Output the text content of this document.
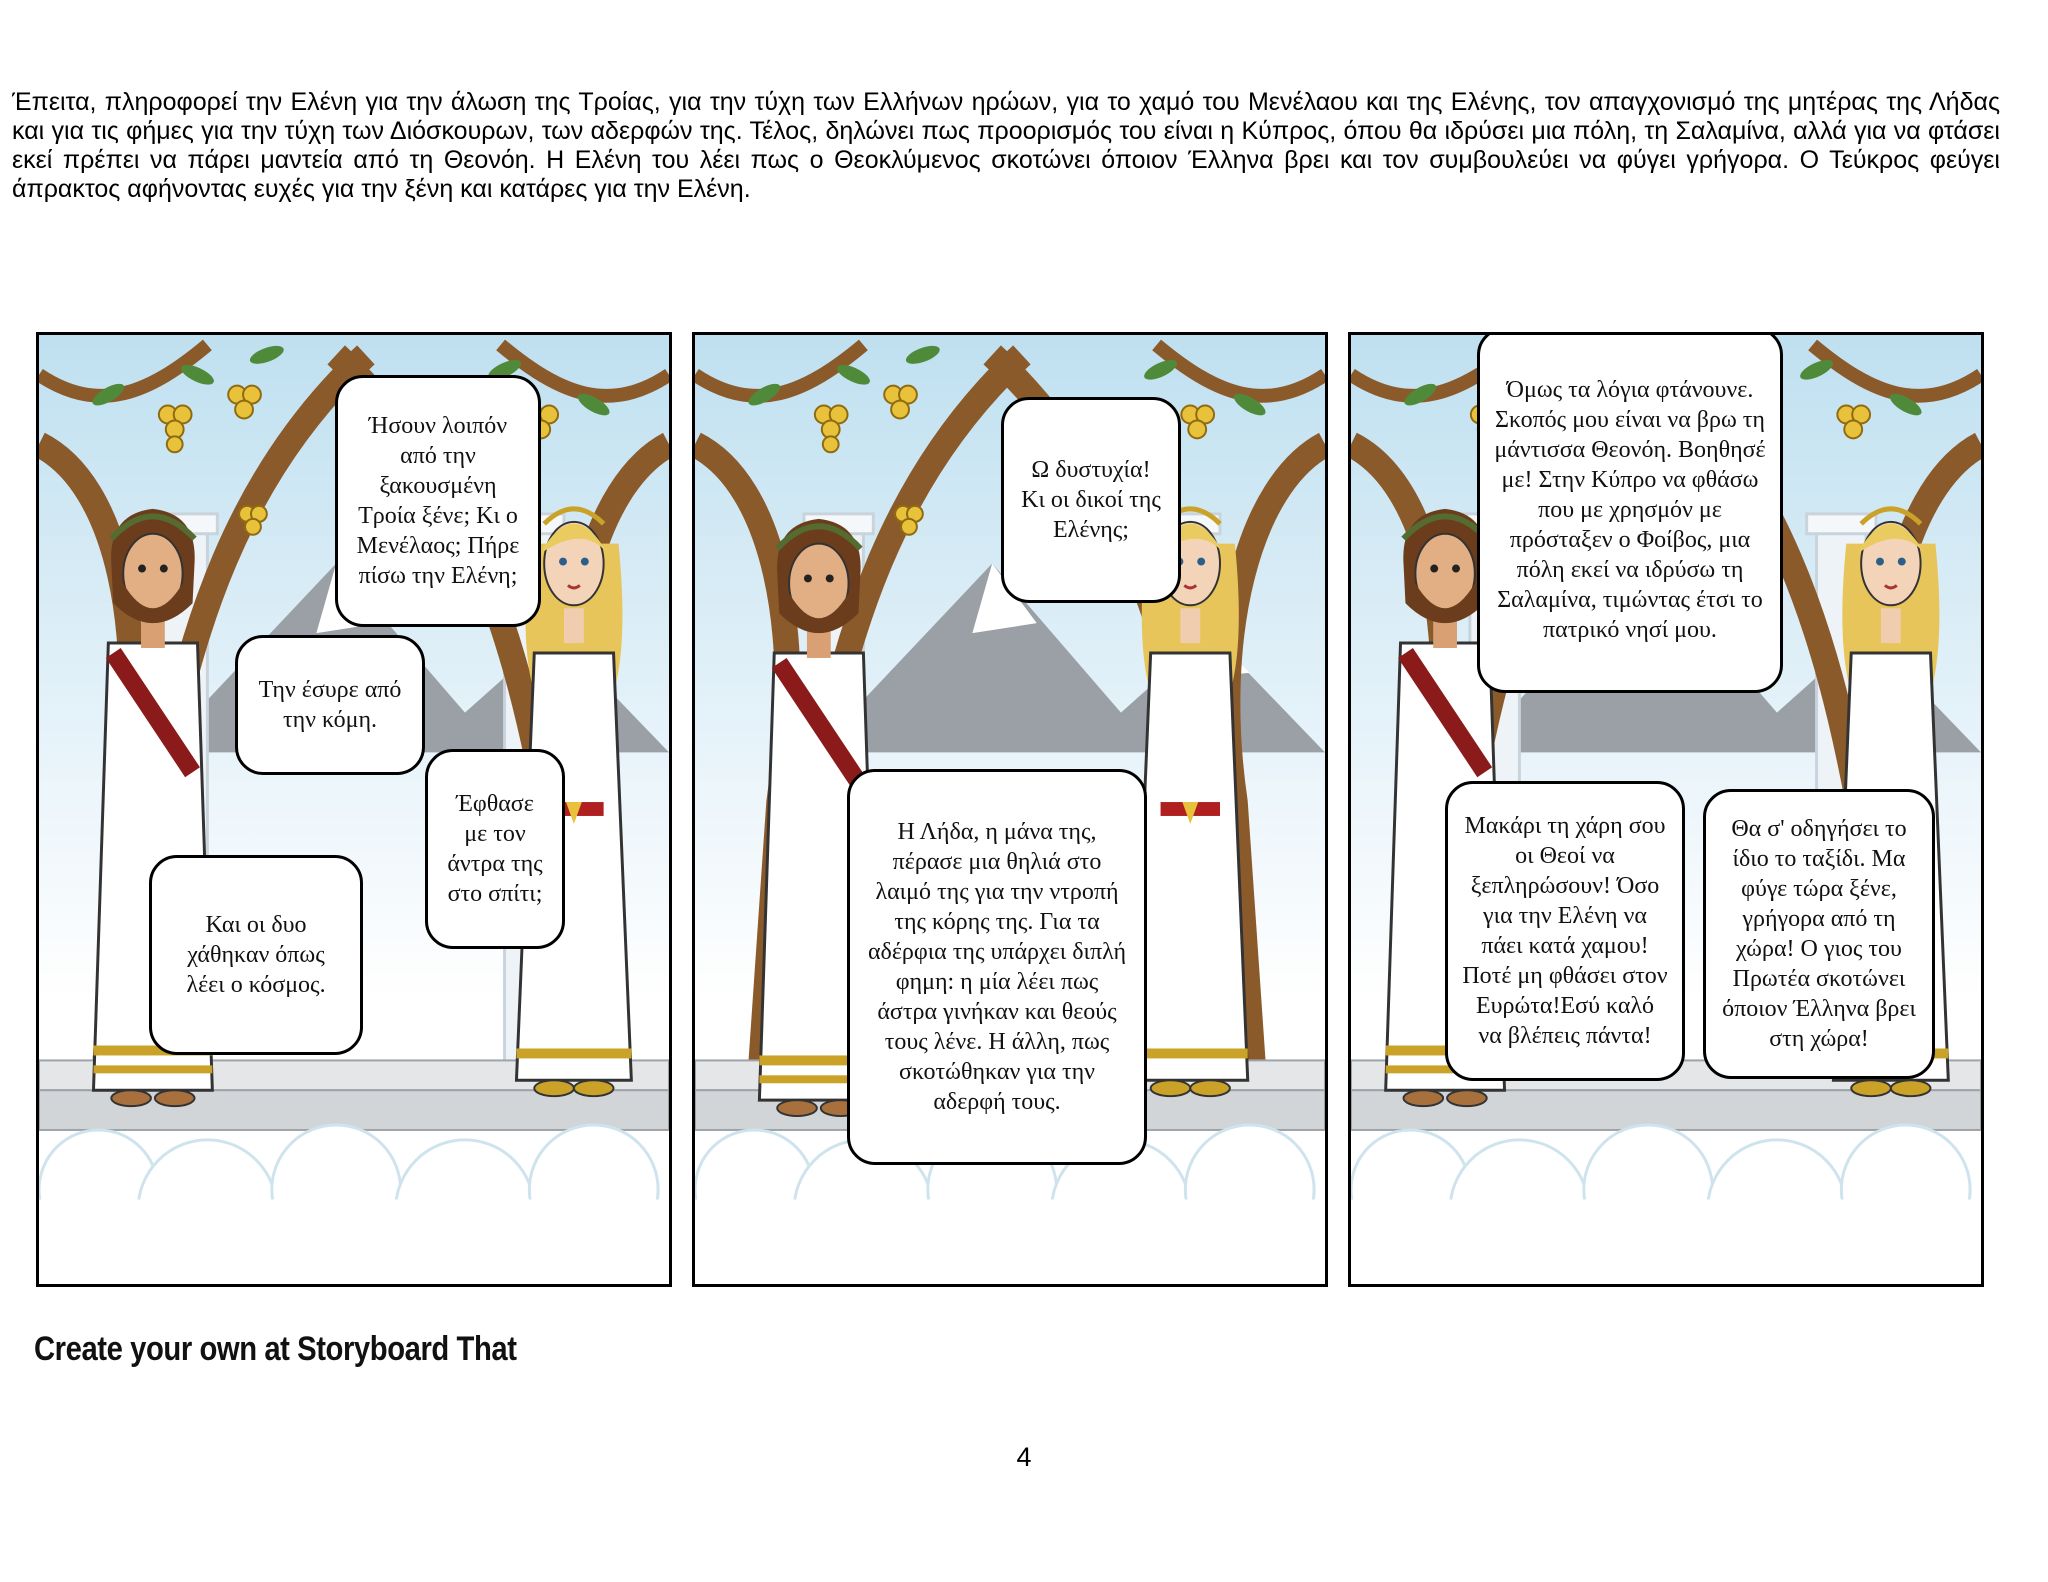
Έπειτα, πληροφορεί την Ελένη για την άλωση της Τροίας, για την τύχη των Ελλήνων ηρώων, για το χαμό του Μενέλαου και της Ελένης, τον απαγχονισμό της μητέρας της Λήδας και για τις φήμες για την τύχη των Διόσκουρων, των αδερφών της. Τέλος, δηλώνει πως προορισμός του είναι η Κύπρος, όπου θα ιδρύσει μια πόλη, τη Σαλαμίνα, αλλά για να φτάσει εκεί πρέπει να πάρει μαντεία από τη Θεονόη. Η Ελένη του λέει πως ο Θεοκλύμενος σκοτώνει όποιον Έλληνα βρει και τον συμβουλεύει να φύγει γρήγορα. Ο Τεύκρος φεύγει άπρακτος αφήνοντας ευχές για την ξένη και κατάρες για την Ελένη.

Ήσουν λοιπόν από την ξακουσμένη Τροία ξένε; Κι ο Μενέλαος; Πήρε πίσω την Ελένη;
Την έσυρε από την κόμη.
Έφθασε με τον άντρα της στο σπίτι;
Και οι δυο χάθηκαν όπως λέει ο κόσμος.
Ω δυστυχία! Κι οι δικοί της Ελένης;
Η Λήδα, η μάνα της, πέρασε μια θηλιά στο λαιμό της για την ντροπή της κόρης της. Για τα αδέρφια της υπάρχει διπλή φημη: η μία λέει πως άστρα γινήκαν και θεούς τους λένε. Η άλλη, πως σκοτώθηκαν για την αδερφή τους.
Όμως τα λόγια φτάνουνε. Σκοπός μου είναι να βρω τη μάντισσα Θεονόη. Βοηθησέ με! Στην Κύπρο να φθάσω που με χρησμόν με πρόσταξεν ο Φοίβος, μια πόλη εκεί να ιδρύσω τη Σαλαμίνα, τιμώντας έτσι το πατρικό νησί μου.
Μακάρι τη χάρη σου οι Θεοί να ξεπληρώσουν! Όσο για την Ελένη να πάει κατά χαμου! Ποτέ μη φθάσει στον Ευρώτα!Εσύ καλό να βλέπεις πάντα!
Θα σ' οδηγήσει το ίδιο το ταξίδι. Μα φύγε τώρα ξένε, γρήγορα από τη χώρα! Ο γιος του Πρωτέα σκοτώνει όποιον Έλληνα βρει στη χώρα!
Create your own at Storyboard That
4
